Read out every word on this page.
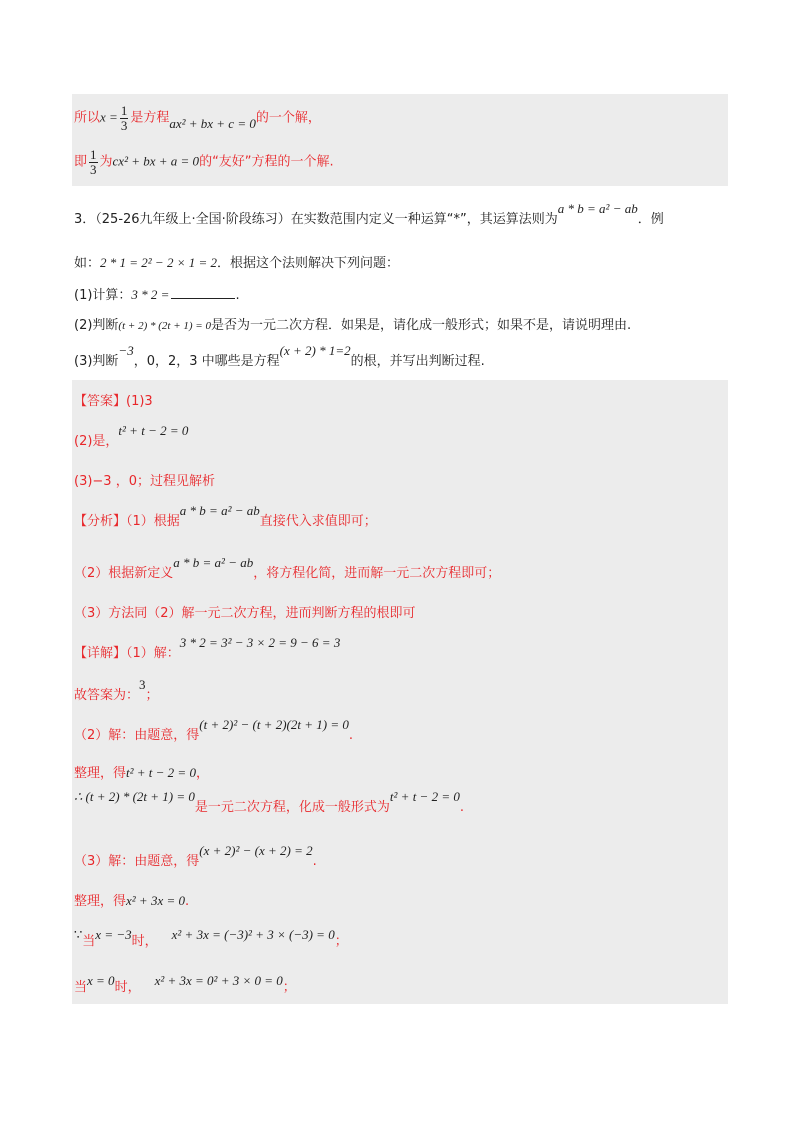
所以$x = \frac{1}{3}$ 是方程ax² + bx + c = 0的一个解，
即 $\frac{1}{3}$ 为cx² + bx + a = 0的“友好”方程的一个解.
3．（25-26九年级上·全国·阶段练习）在实数范围内定义一种运算“*”，其运算法则为a * b = a² − ab．例
如：2 * 1 = 2² − 2 × 1 = 2．根据这个法则解决下列问题：
(1)计算：3 * 2 =	.
(2)判断(t + 2) * (2t + 1) = 0是否为一元二次方程．如果是，请化成一般形式；如果不是，请说明理由.
(3)判断−3，0，2，3 中哪些是方程(x + 2) * 1=2的根，并写出判断过程.
【答案】(1)3
(2)是，t² + t − 2 = 0
(3)−3 ，0；过程见解析
【分析】（1）根据a * b = a² − ab直接代入求值即可；
（2）根据新定义a * b = a² − ab，将方程化简，进而解一元二次方程即可；
（3）方法同（2）解一元二次方程，进而判断方程的根即可
【详解】（1）解：3 * 2 = 3² − 3 × 2 = 9 − 6 = 3
故答案为：3；
（2）解：由题意，得(t + 2)² − (t + 2)(2t + 1) = 0.
整理，得t² + t − 2 = 0，
∴ (t + 2) * (2t + 1) = 0是一元二次方程，化成一般形式为t² + t − 2 = 0.
（3）解：由题意，得(x + 2)² − (x + 2) = 2.
整理，得x² + 3x = 0.
∵当x = −3时， x² + 3x = (−3)² + 3 × (−3) = 0；
当x = 0时， x² + 3x = 0² + 3 × 0 = 0；
